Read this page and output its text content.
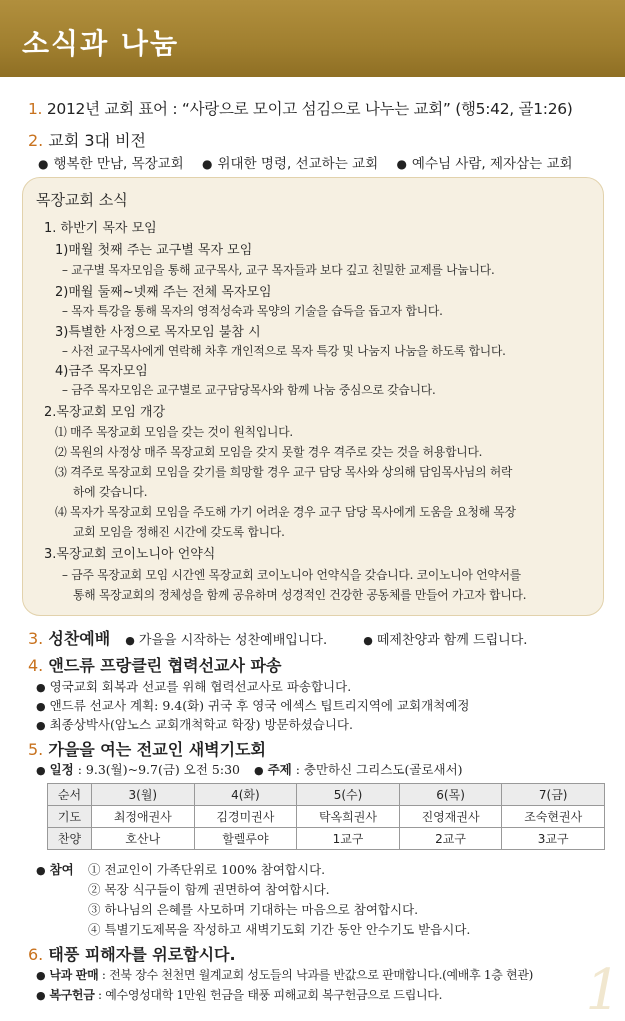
소식과 나눔
1. 2012년 교회 표어 : “사랑으로 모이고 섬김으로 나누는 교회” (행5:42, 골1:26)
2. 교회 3대 비전
● 행복한 만남, 목장교회 ● 위대한 명령, 선교하는 교회 ● 예수님 사람, 제자삼는 교회
목장교회 소식
1. 하반기 목자 모임
1)매월 첫째 주는 교구별 목자 모임
– 교구별 목자모임을 통해 교구목사, 교구 목자들과 보다 깊고 친밀한 교제를 나눕니다.
2)매월 둘째~넷째 주는 전체 목자모임
– 목자 특강을 통해 목자의 영적성숙과 목양의 기술을 습득을 돕고자 합니다.
3)특별한 사정으로 목자모임 불참 시
– 사전 교구목사에게 연락해 차후 개인적으로 목자 특강 및 나눔지 나눔을 하도록 합니다.
4)금주 목자모임
– 금주 목자모임은 교구별로 교구담당목사와 함께 나눔 중심으로 갖습니다.
2.목장교회 모임 개강
⑴ 매주 목장교회 모임을 갖는 것이 원칙입니다.
⑵ 목원의 사정상 매주 목장교회 모임을 갖지 못할 경우 격주로 갖는 것을 허용합니다.
⑶ 격주로 목장교회 모임을 갖기를 희망할 경우 교구 담당 목사와 상의해 담임목사님의 허락
하에 갖습니다.
⑷ 목자가 목장교회 모임을 주도해 가기 어려운 경우 교구 담당 목사에게 도움을 요청해 목장
교회 모임을 정해진 시간에 갖도록 합니다.
3.목장교회 코이노니아 언약식
– 금주 목장교회 모임 시간엔 목장교회 코이노니아 언약식을 갖습니다. 코이노니아 언약서를
통해 목장교회의 정체성을 함께 공유하며 성경적인 건강한 공동체를 만들어 가고자 합니다.
3. 성찬예배 ● 가을을 시작하는 성찬예배입니다.	● 떼제찬양과 함께 드립니다.
4. 앤드류 프랑클린 협력선교사 파송
● 영국교회 회복과 선교를 위해 협력선교사로 파송합니다.
● 앤드류 선교사 계획: 9.4(화) 귀국 후 영국 에섹스 팁트리지역에 교회개척예정
● 최종상박사(암노스 교회개척학교 학장) 방문하셨습니다.
5. 가을을 여는 전교인 새벽기도회
● 일정 : 9.3(월)~9.7(금) 오전 5:30 ● 주제 : 충만하신 그리스도(골로새서)
순서	3(월)	4(화)	5(수)	6(목)	7(금)
기도	최정애권사	김경미권사	탁옥희권사	진영재권사	조숙현권사
찬양	호산나	할렐루야	1교구	2교구	3교구
● 참여 ① 전교인이 가족단위로 100% 참여합시다.
② 목장 식구들이 함께 권면하여 참여합시다.
③ 하나님의 은혜를 사모하며 기대하는 마음으로 참여합시다.
④ 특별기도제목을 작성하고 새벽기도회 기간 동안 안수기도 받읍시다.
6. 태풍 피해자를 위로합시다.
● 낙과 판매 : 전북 장수 천천면 월계교회 성도들의 낙과를 반값으로 판매합니다.(예배후 1층 현관)
● 복구헌금 : 예수영성대학 1만원 헌금을 태풍 피해교회 복구헌금으로 드립니다.	1
